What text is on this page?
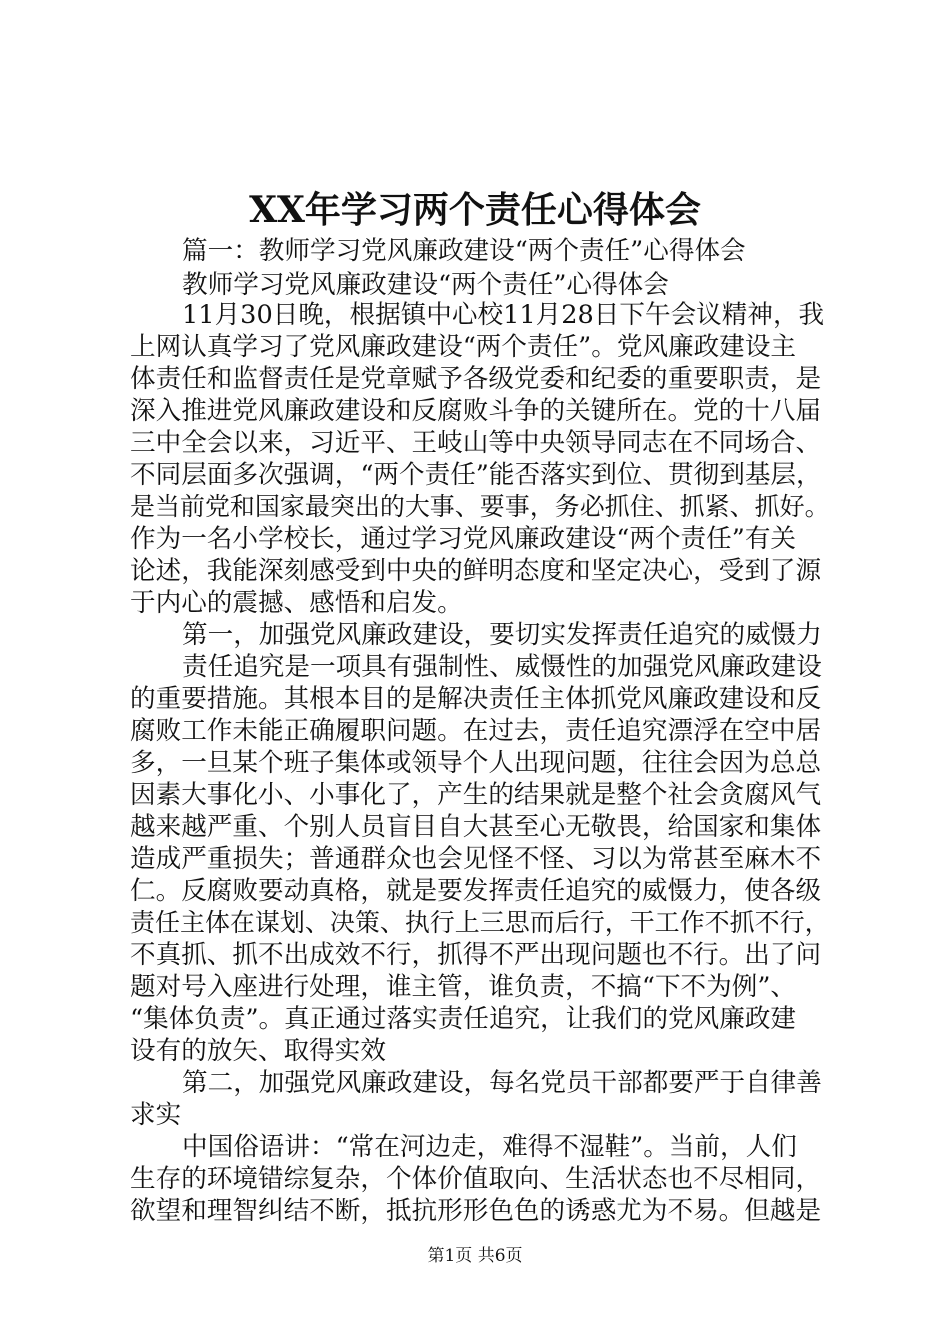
XX年学习两个责任心得体会
篇一：教师学习党风廉政建设“两个责任”心得体会
教师学习党风廉政建设“两个责任”心得体会
11月30日晚，根据镇中心校11月28日下午会议精神，我
上网认真学习了党风廉政建设“两个责任”。党风廉政建设主
体责任和监督责任是党章赋予各级党委和纪委的重要职责，是
深入推进党风廉政建设和反腐败斗争的关键所在。党的十八届
三中全会以来，习近平、王岐山等中央领导同志在不同场合、
不同层面多次强调，“两个责任”能否落实到位、贯彻到基层，
是当前党和国家最突出的大事、要事，务必抓住、抓紧、抓好。
作为一名小学校长，通过学习党风廉政建设“两个责任”有关
论述，我能深刻感受到中央的鲜明态度和坚定决心，受到了源
于内心的震撼、感悟和启发。
第一，加强党风廉政建设，要切实发挥责任追究的威慑力
责任追究是一项具有强制性、威慑性的加强党风廉政建设
的重要措施。其根本目的是解决责任主体抓党风廉政建设和反
腐败工作未能正确履职问题。在过去，责任追究漂浮在空中居
多，一旦某个班子集体或领导个人出现问题，往往会因为总总
因素大事化小、小事化了，产生的结果就是整个社会贪腐风气
越来越严重、个别人员盲目自大甚至心无敬畏，给国家和集体
造成严重损失；普通群众也会见怪不怪、习以为常甚至麻木不
仁。反腐败要动真格，就是要发挥责任追究的威慑力，使各级
责任主体在谋划、决策、执行上三思而后行，干工作不抓不行，
不真抓、抓不出成效不行，抓得不严出现问题也不行。出了问
题对号入座进行处理，谁主管，谁负责，不搞“下不为例”、
“集体负责”。真正通过落实责任追究，让我们的党风廉政建
设有的放矢、取得实效
第二，加强党风廉政建设，每名党员干部都要严于自律善
求实
中国俗语讲：“常在河边走，难得不湿鞋”。当前，人们
生存的环境错综复杂，个体价值取向、生活状态也不尽相同，
欲望和理智纠结不断，抵抗形形色色的诱惑尤为不易。但越是
第1页 共6页
